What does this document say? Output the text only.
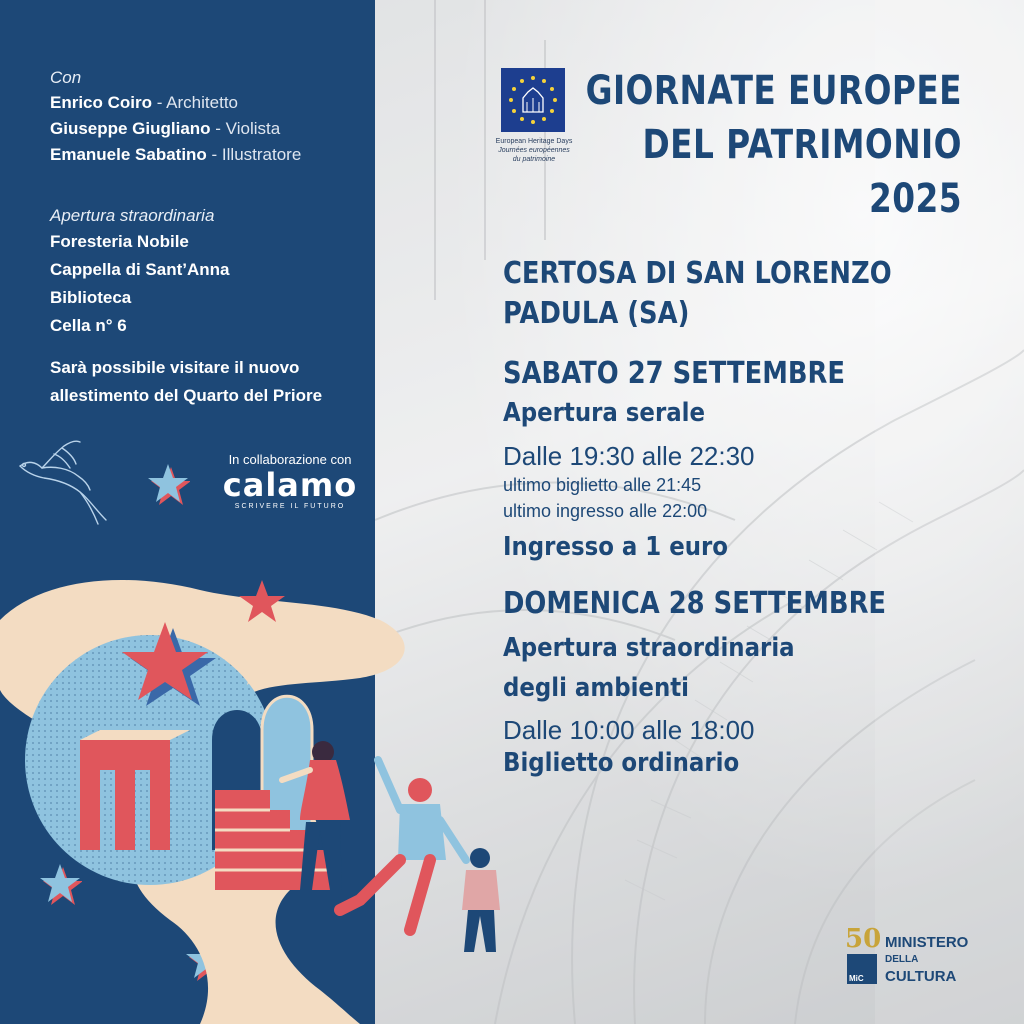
Con
Enrico Coiro - Architetto
Giuseppe Giugliano - Violista
Emanuele Sabatino - Illustratore
Apertura straordinaria
Foresteria Nobile
Cappella di Sant’Anna
Biblioteca
Cella n° 6
Sarà possibile visitare il nuovo allestimento del Quarto del Priore
In collaborazione con
calamo
SCRIVERE IL FUTURO
European Heritage Days
Journées européennes
du patrimoine
GIORNATE EUROPEE
DEL PATRIMONIO
2025
CERTOSA DI SAN LORENZO
PADULA (SA)
SABATO 27 SETTEMBRE
Apertura serale
Dalle 19:30 alle 22:30
ultimo biglietto alle 21:45
ultimo ingresso alle 22:00
Ingresso a 1 euro
DOMENICA 28 SETTEMBRE
Apertura straordinaria
degli ambienti
Dalle 10:00 alle 18:00
Biglietto ordinario
50
MiC
MINISTERO
DELLA
CULTURA
